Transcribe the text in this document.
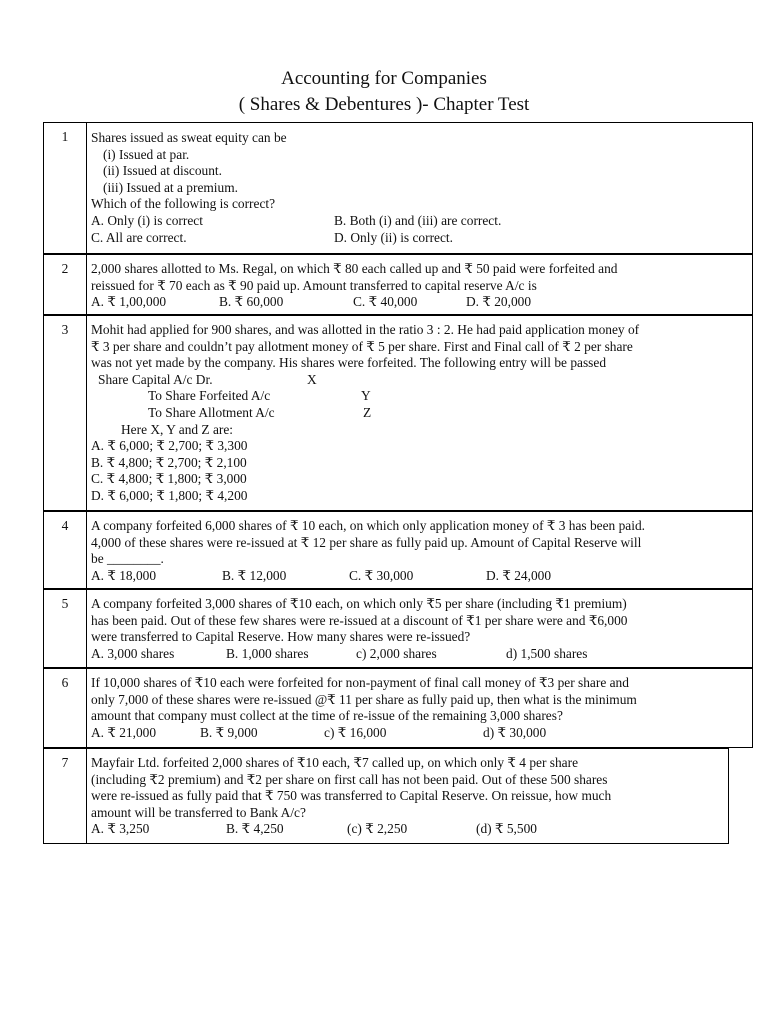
Accounting for Companies
( Shares & Debentures )- Chapter Test
1	Shares issued as sweat equity can be
(i) Issued at par.
(ii) Issued at discount.
(iii) Issued at a premium.
Which of the following is correct?
A. Only (i) is correct	B. Both (i) and (iii) are correct.
C. All are correct.	D. Only (ii) is correct.
2	2,000 shares allotted to Ms. Regal, on which ₹ 80 each called up and ₹ 50 paid were forfeited and
reissued for ₹ 70 each as ₹ 90 paid up. Amount transferred to capital reserve A/c is
A. ₹ 1,00,000	B. ₹ 60,000	C. ₹ 40,000	D. ₹ 20,000
3	Mohit had applied for 900 shares, and was allotted in the ratio 3 : 2. He had paid application money of
₹ 3 per share and couldn’t pay allotment money of ₹ 5 per share. First and Final call of ₹ 2 per share
was not yet made by the company. His shares were forfeited. The following entry will be passed
Share Capital A/c Dr.	X
To Share Forfeited A/c	Y
To Share Allotment A/c	Z
Here X, Y and Z are:
A. ₹ 6,000; ₹ 2,700; ₹ 3,300
B. ₹ 4,800; ₹ 2,700; ₹ 2,100
C. ₹ 4,800; ₹ 1,800; ₹ 3,000
D. ₹ 6,000; ₹ 1,800; ₹ 4,200
4	A company forfeited 6,000 shares of ₹ 10 each, on which only application money of ₹ 3 has been paid.
4,000 of these shares were re-issued at ₹ 12 per share as fully paid up. Amount of Capital Reserve will
be ________.
A. ₹ 18,000	B. ₹ 12,000	C. ₹ 30,000	D. ₹ 24,000
5	A company forfeited 3,000 shares of ₹10 each, on which only ₹5 per share (including ₹1 premium)
has been paid. Out of these few shares were re-issued at a discount of ₹1 per share were and ₹6,000
were transferred to Capital Reserve. How many shares were re-issued?
A. 3,000 shares	B. 1,000 shares	c) 2,000 shares	d) 1,500 shares
6	If 10,000 shares of ₹10 each were forfeited for non-payment of final call money of ₹3 per share and
only 7,000 of these shares were re-issued @₹ 11 per share as fully paid up, then what is the minimum
amount that company must collect at the time of re-issue of the remaining 3,000 shares?
A. ₹ 21,000	B. ₹ 9,000	c) ₹ 16,000	d) ₹ 30,000
7	Mayfair Ltd. forfeited 2,000 shares of ₹10 each, ₹7 called up, on which only ₹ 4 per share
(including ₹2 premium) and ₹2 per share on first call has not been paid. Out of these 500 shares
were re-issued as fully paid that ₹ 750 was transferred to Capital Reserve. On reissue, how much
amount will be transferred to Bank A/c?
A. ₹ 3,250	B. ₹ 4,250	(c) ₹ 2,250	(d) ₹ 5,500
